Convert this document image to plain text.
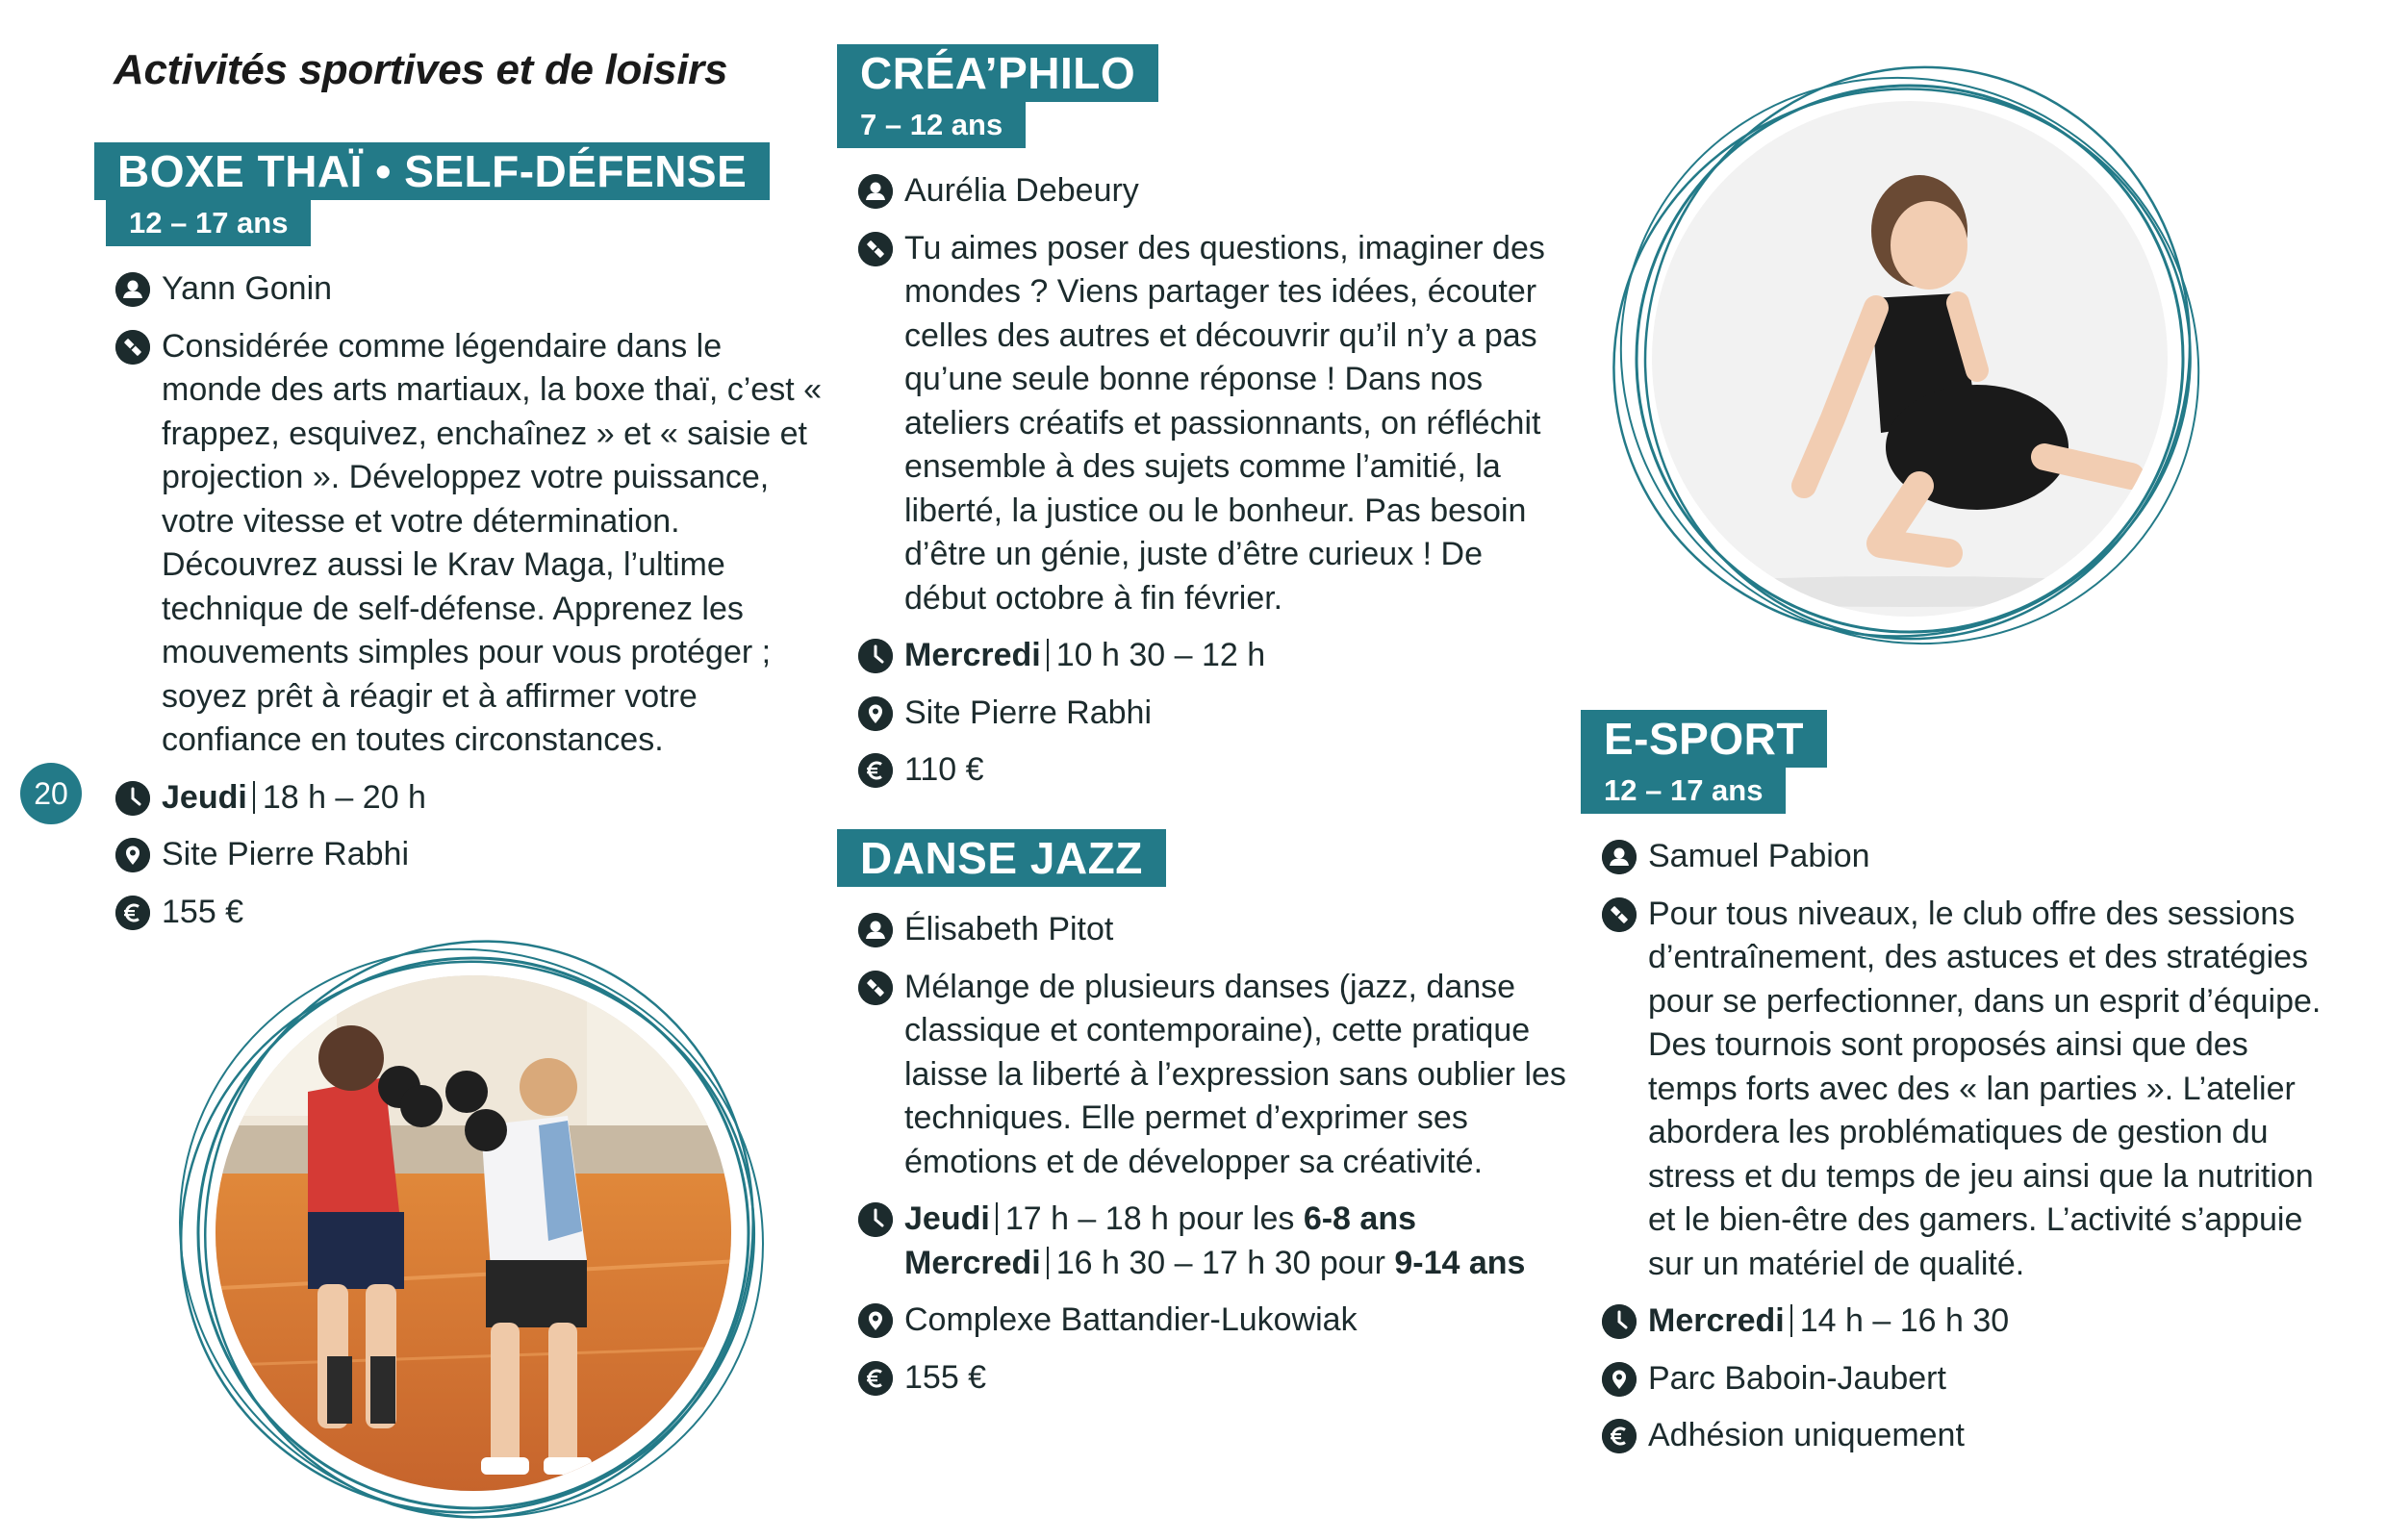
Activités sportives et de loisirs
20
BOXE THAÏ • SELF-DÉFENSE
12 – 17 ans
Yann Gonin
Considérée comme légendaire dans le monde des arts martiaux, la boxe thaï, c’est « frappez, esquivez, enchaînez » et « saisie et projection ». Développez votre puissance, votre vitesse et votre détermination. Découvrez aussi le Krav Maga, l’ultime technique de self-défense. Apprenez les mouvements simples pour vous protéger ; soyez prêt à réagir et à affirmer votre confiance en toutes circonstances.
Jeudi 18 h – 20 h
Site Pierre Rabhi
155 €
CRÉA’PHILO
7 – 12 ans
Aurélia Debeury
Tu aimes poser des questions, imaginer des mondes ? Viens partager tes idées, écouter celles des autres et découvrir qu’il n’y a pas qu’une seule bonne réponse ! Dans nos ateliers créatifs et passionnants, on réfléchit ensemble à des sujets comme l’amitié, la liberté, la justice ou le bonheur. Pas besoin d’être un génie, juste d’être curieux ! De début octobre à fin février.
Mercredi 10 h 30 – 12 h
Site Pierre Rabhi
110 €
DANSE JAZZ
Élisabeth Pitot
Mélange de plusieurs danses (jazz, danse classique et contemporaine), cette pratique laisse la liberté à l’expression sans oublier les techniques. Elle permet d’exprimer ses émotions et de développer sa créativité.
Jeudi 17 h – 18 h pour les 6-8 ans
Mercredi 16 h 30 – 17 h 30 pour 9-14 ans
Complexe Battandier-Lukowiak
155 €
E-SPORT
12 – 17 ans
Samuel Pabion
Pour tous niveaux, le club offre des sessions d’entraînement, des astuces et des stratégies pour se perfectionner, dans un esprit d’équipe. Des tournois sont proposés ainsi que des temps forts avec des « lan parties ». L’atelier abordera les problématiques de gestion du stress et du temps de jeu ainsi que la nutrition et le bien-être des gamers. L’activité s’appuie sur un matériel de qualité.
Mercredi 14 h – 16 h 30
Parc Baboin-Jaubert
Adhésion uniquement
